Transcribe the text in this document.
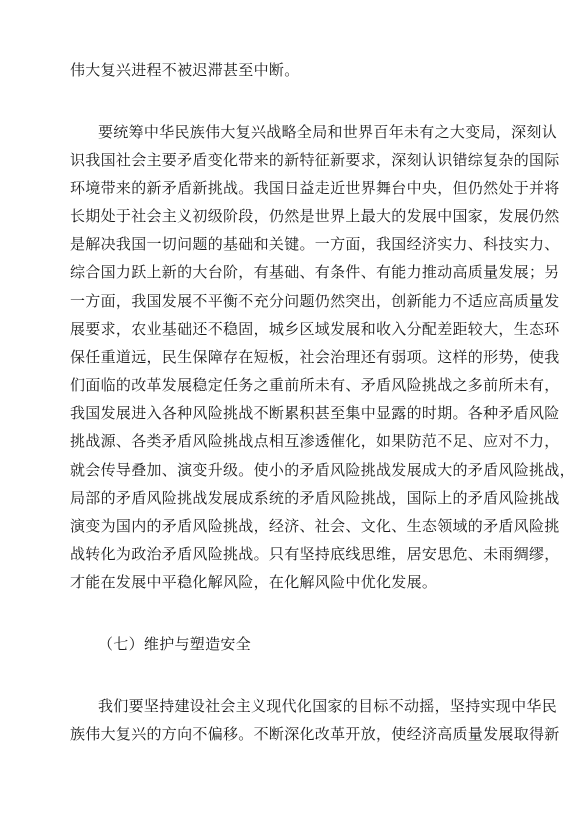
伟大复兴进程不被迟滞甚至中断。
要统筹中华民族伟大复兴战略全局和世界百年未有之大变局，深刻认
识我国社会主要矛盾变化带来的新特征新要求，深刻认识错综复杂的国际
环境带来的新矛盾新挑战。我国日益走近世界舞台中央，但仍然处于并将
长期处于社会主义初级阶段，仍然是世界上最大的发展中国家，发展仍然
是解决我国一切问题的基础和关键。一方面，我国经济实力、科技实力、
综合国力跃上新的大台阶，有基础、有条件、有能力推动高质量发展；另
一方面，我国发展不平衡不充分问题仍然突出，创新能力不适应高质量发
展要求，农业基础还不稳固，城乡区域发展和收入分配差距较大，生态环
保任重道远，民生保障存在短板，社会治理还有弱项。这样的形势，使我
们面临的改革发展稳定任务之重前所未有、矛盾风险挑战之多前所未有，
我国发展进入各种风险挑战不断累积甚至集中显露的时期。各种矛盾风险
挑战源、各类矛盾风险挑战点相互渗透催化，如果防范不足、应对不力，
就会传导叠加、演变升级。使小的矛盾风险挑战发展成大的矛盾风险挑战，
局部的矛盾风险挑战发展成系统的矛盾风险挑战，国际上的矛盾风险挑战
演变为国内的矛盾风险挑战，经济、社会、文化、生态领域的矛盾风险挑
战转化为政治矛盾风险挑战。只有坚持底线思维，居安思危、未雨绸缪，
才能在发展中平稳化解风险，在化解风险中优化发展。
（七）维护与塑造安全
我们要坚持建设社会主义现代化国家的目标不动摇，坚持实现中华民
族伟大复兴的方向不偏移。不断深化改革开放，使经济高质量发展取得新
